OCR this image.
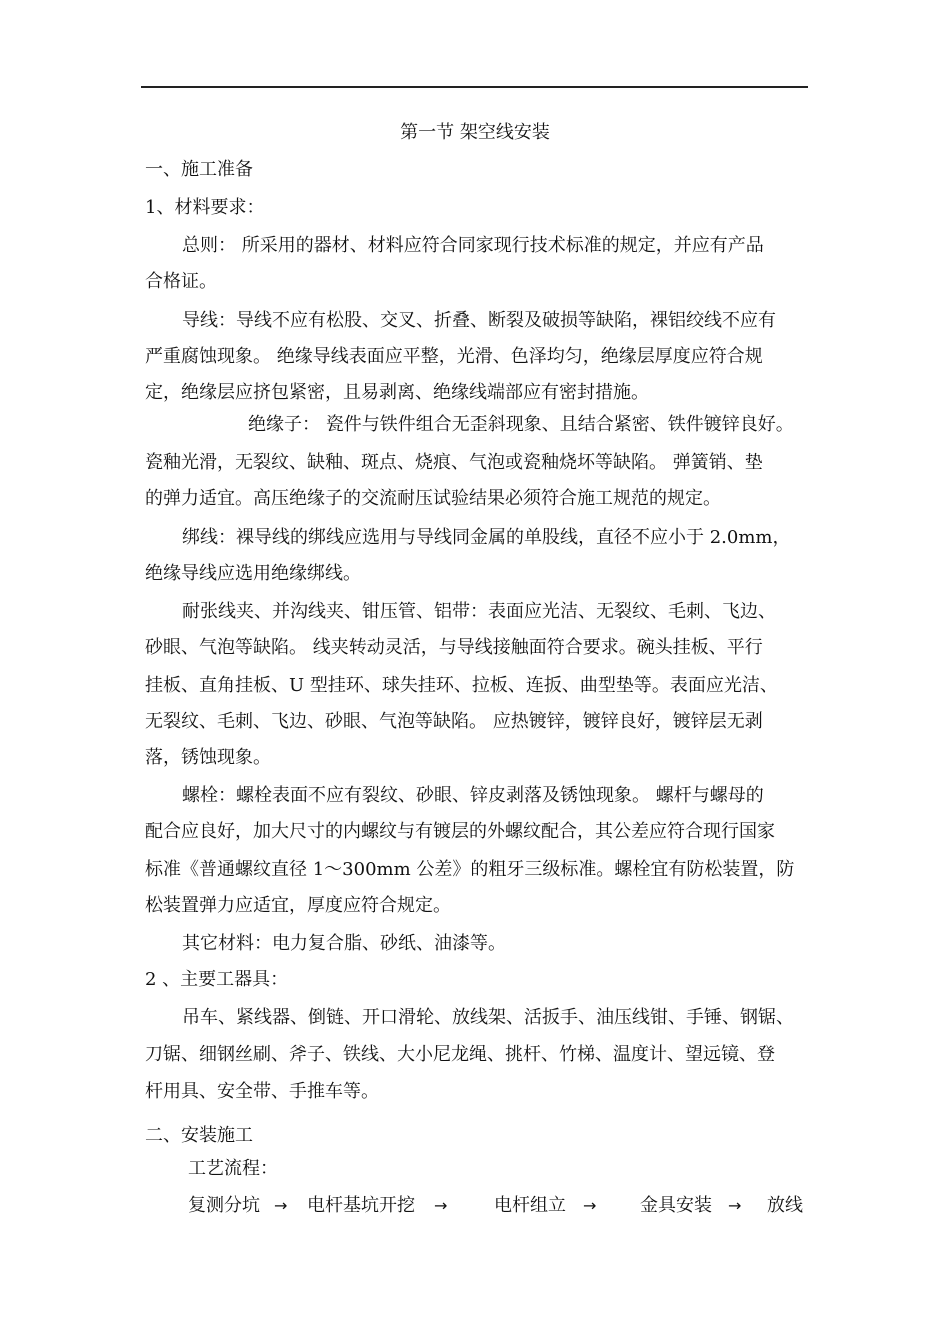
第一节 架空线安装
一、施工准备
1、材料要求：
总则： 所采用的器材、材料应符合同家现行技术标准的规定，并应有产品
合格证。
导线：导线不应有松股、交叉、折叠、断裂及破损等缺陷，裸铝绞线不应有
严重腐蚀现象。 绝缘导线表面应平整，光滑、色泽均匀，绝缘层厚度应符合规
定，绝缘层应挤包紧密，且易剥离、绝缘线端部应有密封措施。
绝缘子： 瓷件与铁件组合无歪斜现象、且结合紧密、铁件镀锌良好。
瓷釉光滑，无裂纹、缺釉、斑点、烧痕、气泡或瓷釉烧坏等缺陷。 弹簧销、垫
的弹力适宜。高压绝缘子的交流耐压试验结果必须符合施工规范的规定。
绑线：裸导线的绑线应选用与导线同金属的单股线，直径不应小于 2.0mm，
绝缘导线应选用绝缘绑线。
耐张线夹、并沟线夹、钳压管、铝带：表面应光洁、无裂纹、毛刺、飞边、
砂眼、气泡等缺陷。 线夹转动灵活，与导线接触面符合要求。碗头挂板、平行
挂板、直角挂板、U 型挂环、球失挂环、拉板、连扳、曲型垫等。表面应光洁、
无裂纹、毛刺、飞边、砂眼、气泡等缺陷。 应热镀锌，镀锌良好，镀锌层无剥
落，锈蚀现象。
螺栓：螺栓表面不应有裂纹、砂眼、锌皮剥落及锈蚀现象。 螺杆与螺母的
配合应良好，加大尺寸的内螺纹与有镀层的外螺纹配合，其公差应符合现行国家
标准《普通螺纹直径 1～300mm 公差》的粗牙三级标准。螺栓宜有防松装置，防
松装置弹力应适宜，厚度应符合规定。
其它材料：电力复合脂、砂纸、油漆等。
2 、主要工器具：
吊车、紧线器、倒链、开口滑轮、放线架、活扳手、油压线钳、手锤、钢锯、
刀锯、细钢丝刷、斧子、铁线、大小尼龙绳、挑杆、竹梯、温度计、望远镜、登
杆用具、安全带、手推车等。
二、安装施工
工艺流程：
复测分坑 → 电杆基坑开挖 →	电杆组立 → 金具安装 → 放线
